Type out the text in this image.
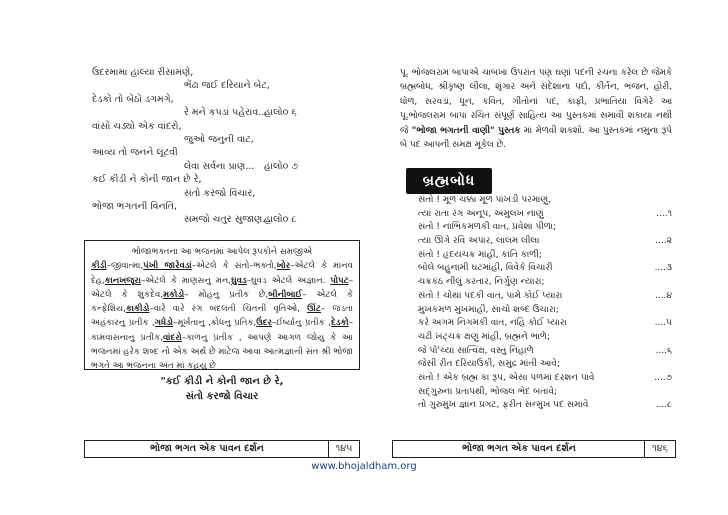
ઉદરમામા હાલ્યા રીસામણે,
ભેંઢા જઈ દરિયાને બેટ,
દેડકો તો બેઠો ડગમગે,
રે મને કપડાં પહેરાવ...
હાલો૦ ૬
વાંસો ચડ્યો એક વાંદરો,
જુઓ જનુની વાટ,
આવ્ય તો જનને લૂંટવી
લેવા સર્વના પ્રાણ... હાલો૦ ૭
કઈ કીડી ને કોની જાન છે રે,
સંતો કરજો વિચાર,
ભોજા ભગતની વિનતિ,
સમજો ચતુર સુજાણ...
હાલો૦ ૮

ભોજાભક્તના આ ભજનમાં આપેલ રૂપકોને સમજીએ

કીડી–જીવાત્મા,પંખી જારેવડાં–એટલે કે સંતો–ભક્તો,ખોર–એટલે કે માનવ દેહ,કાનખજૂરા–એટલે કે માણસનુ મન,ઘુવડ–ઘુવડ એટલે અજ્ઞાન. પોપટ–એટલે કે શુકદેવ,મકોડો– મોહનુ પ્રતીક છે,બીનીબાઈ– એટલે કે કન્ફેશિય,કાકીડો–વારે વારે રંગ બદલતી ચિતની વૃતિઓ, ઊંટ– જડતા અહંકારનુ પ્રતીક ,ગધેડો–મૂર્ખતાનુ ,ક્રોધનુ પ્રતિક,ઉંદર–ઈર્ષ્યાનુ પ્રતીક ,દેડકો– કામવાસનાનુ પ્રતીક,વાંદરો–કાળનુ પ્રતીક , આપણે આગળ જોયુ કે આ ભજનમાં હરેક શબ્દ નો એક અર્થ છે માટેજ આવા આત્મજ્ઞાની સંત શ્રી ભોજા ભગતે આ ભજનના અંત માં કહયુ છે

"કઈ કીડી ને કોની જાન છે રે,

સંતો કરજો વિચાર

ભોજા ભગત એક પાવન દર્શન	૧૪૫
પૂ. ભોજલરામ બાપાએ ચાબખા ઉપરાંત પણ ઘણાં પદની રચના કરેલ છે જેમકે બ્રહ્મબોધ, શ્રીકૃષ્ણ લીલા, શૃંગાર અને સંદેશાના પદો, કીર્તન, ભજન, હોરી, ધોળ, સરવડાં, ધૂન, કવિત, ગીતોનાં પદ, કાફી, પ્રભાતિયા વિગેરે આ પૂ.ભોજલરામ બાપા રચિત સંપૂર્ણ સાહિત્ય આ પુસ્તકમાં સમાવી શકાયા નથી જે "ભોજા ભગતની વાણી" પુસ્તક માં મેળવી શકશો. આ પુસ્તકમાં નમુના રૂપે બે પદ આપની સમક્ષ મૂકેલ છે.
બ્રહ્મબોધ
સંતો ! મૂળ ચક્કા મૂળ પાંખડી પરમાણું,
ત્યાં રાતા રંગ અનૂપ, અમુલખ નાણું	....૧
સંતો ! નાભિકમળકી વાત, પ્રવેશા પીળા;
ત્યાં ઊગે રવિ અપાર, લાલમ લીલા	....૨
સંતો ! હૃદયચક્ર માંહી, કાંતિ કાળી;
બોલે બહુનામી ઘટમાંહી, વિવેકે વિચારી	....૩
ચક્રકંઠ નીલું કરતાર, નિર્ગુણ ન્યારા;
સંતો ! ચોથા પદકી વાત, પામે કોઈ પ્યારા	....૪
મુખકમળ મુખમાંહી, સાચો શબ્દ ઉચારા;
કરે અગમ નિગમકી વાત, નહિ કોઈ પ્યારા	....૫
ચઢી ખટ્ચક્ર ક્ષણું માંહી, બ્રહ્મને ભાળે;
જે પોં'ચ્યાં સાત્વિક્ષ, વસ્તુ નિહાળે	....૬
જેસી રીત દરિયાઉકી, સમુદ્ર માંતી આવે;
સંતો ! એક બ્રહ્મ કા રૂપ, એસા પળમાં દરશન પાવે	....૭
સદ્‌ગુરુના પ્રતાપથી, ભોજલ ભેદ બતાવે;
તો ગુરુમુખ જ્ઞાન પ્રગટ, ફરીત સન્મુખ પદ સમાવે	....૮
ભોજા ભગત એક પાવન દર્શન	૧૪૬
www.bhojaldham.org
